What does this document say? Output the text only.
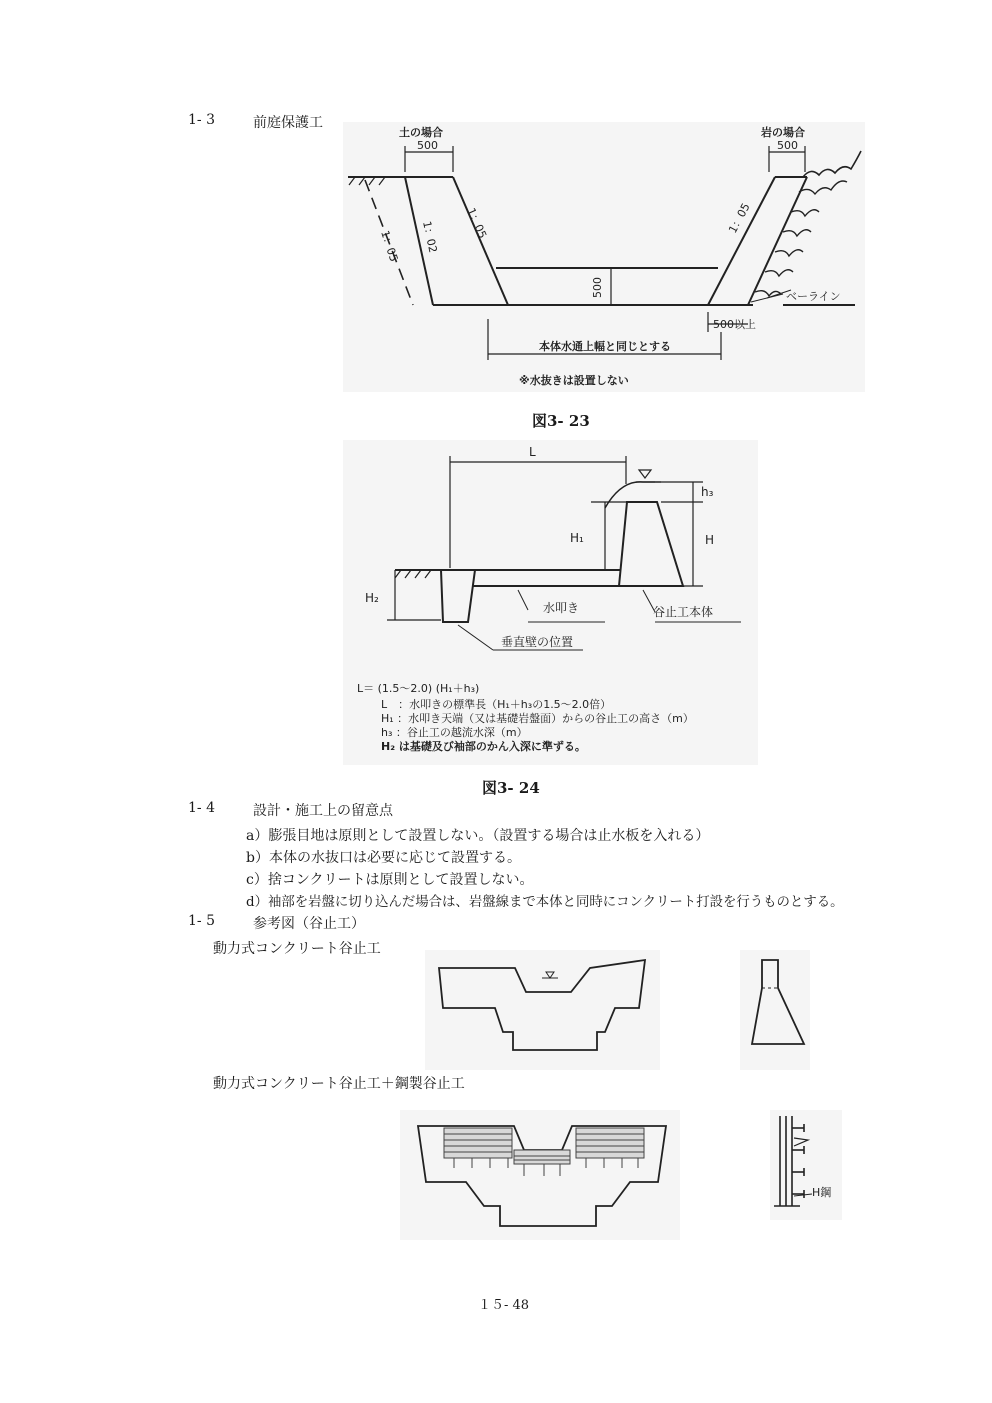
1- 3	前庭保護工
土の場合
500
岩の場合
500
1：05 1：02 1：05	1：05
500
500以上
ベーライン
本体水通上幅と同じとする
※水抜きは設置しない
図3- 23
L
h₃
H
H₁
H₂
水叩き	谷止工本体
垂直壁の位置
L＝ (1.5～2.0) (H₁＋h₃)
L　：水叩きの標準長（H₁＋h₃の1.5～2.0倍）
H₁ ：水叩き天端（又は基礎岩盤面）からの谷止工の高さ（m）
h₃ ：谷止工の越流水深（m）
H₂ は基礎及び袖部のかん入深に準ずる。
図3- 24
1- 4	設計・施工上の留意点
a）膨張目地は原則として設置しない。（設置する場合は止水板を入れる）
b）本体の水抜口は必要に応じて設置する。
c）捨コンクリートは原則として設置しない。
d）袖部を岩盤に切り込んだ場合は、岩盤線まで本体と同時にコンクリート打設を行うものとする。
1- 5	参考図（谷止工）
動力式コンクリート谷止工
動力式コンクリート谷止工＋鋼製谷止工
H鋼
１５- 48
